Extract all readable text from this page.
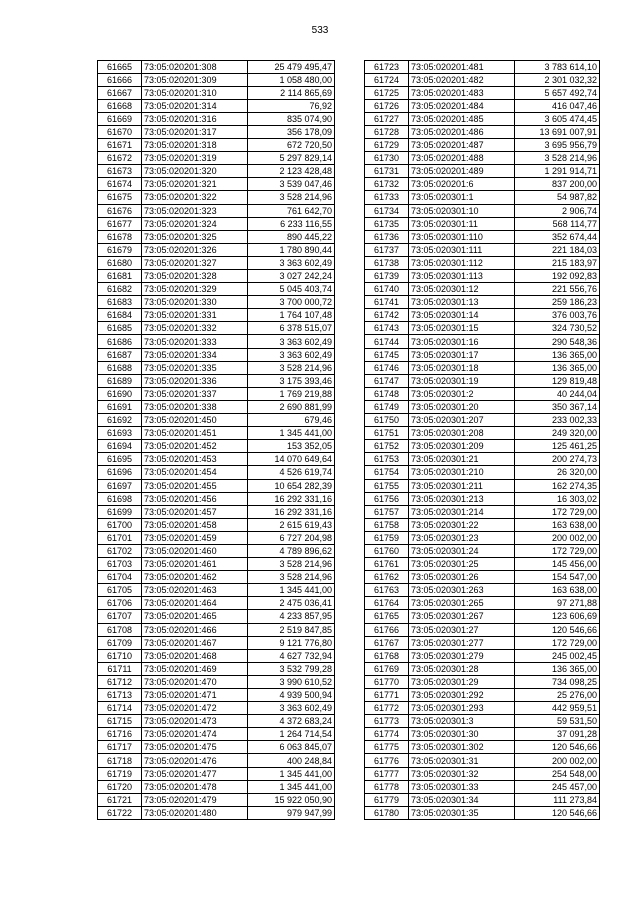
533
61665	73:05:020201:308	25 479 495,47
61666	73:05:020201:309	1 058 480,00
61667	73:05:020201:310	2 114 865,69
61668	73:05:020201:314	76,92
61669	73:05:020201:316	835 074,90
61670	73:05:020201:317	356 178,09
61671	73:05:020201:318	672 720,50
61672	73:05:020201:319	5 297 829,14
61673	73:05:020201:320	2 123 428,48
61674	73:05:020201:321	3 539 047,46
61675	73:05:020201:322	3 528 214,96
61676	73:05:020201:323	761 642,70
61677	73:05:020201:324	6 233 116,55
61678	73:05:020201:325	890 445,22
61679	73:05:020201:326	1 780 890,44
61680	73:05:020201:327	3 363 602,49
61681	73:05:020201:328	3 027 242,24
61682	73:05:020201:329	5 045 403,74
61683	73:05:020201:330	3 700 000,72
61684	73:05:020201:331	1 764 107,48
61685	73:05:020201:332	6 378 515,07
61686	73:05:020201:333	3 363 602,49
61687	73:05:020201:334	3 363 602,49
61688	73:05:020201:335	3 528 214,96
61689	73:05:020201:336	3 175 393,46
61690	73:05:020201:337	1 769 219,88
61691	73:05:020201:338	2 690 881,99
61692	73:05:020201:450	679,46
61693	73:05:020201:451	1 345 441,00
61694	73:05:020201:452	153 352,05
61695	73:05:020201:453	14 070 649,64
61696	73:05:020201:454	4 526 619,74
61697	73:05:020201:455	10 654 282,39
61698	73:05:020201:456	16 292 331,16
61699	73:05:020201:457	16 292 331,16
61700	73:05:020201:458	2 615 619,43
61701	73:05:020201:459	6 727 204,98
61702	73:05:020201:460	4 789 896,62
61703	73:05:020201:461	3 528 214,96
61704	73:05:020201:462	3 528 214,96
61705	73:05:020201:463	1 345 441,00
61706	73:05:020201:464	2 475 036,41
61707	73:05:020201:465	4 233 857,95
61708	73:05:020201:466	2 519 847,85
61709	73:05:020201:467	9 121 776,80
61710	73:05:020201:468	4 627 732,94
61711	73:05:020201:469	3 532 799,28
61712	73:05:020201:470	3 990 610,52
61713	73:05:020201:471	4 939 500,94
61714	73:05:020201:472	3 363 602,49
61715	73:05:020201:473	4 372 683,24
61716	73:05:020201:474	1 264 714,54
61717	73:05:020201:475	6 063 845,07
61718	73:05:020201:476	400 248,84
61719	73:05:020201:477	1 345 441,00
61720	73:05:020201:478	1 345 441,00
61721	73:05:020201:479	15 922 050,90
61722	73:05:020201:480	979 947,99
61723	73:05:020201:481	3 783 614,10
61724	73:05:020201:482	2 301 032,32
61725	73:05:020201:483	5 657 492,74
61726	73:05:020201:484	416 047,46
61727	73:05:020201:485	3 605 474,45
61728	73:05:020201:486	13 691 007,91
61729	73:05:020201:487	3 695 956,79
61730	73:05:020201:488	3 528 214,96
61731	73:05:020201:489	1 291 914,71
61732	73:05:020201:6	837 200,00
61733	73:05:020301:1	54 987,82
61734	73:05:020301:10	2 906,74
61735	73:05:020301:11	568 114,77
61736	73:05:020301:110	352 674,44
61737	73:05:020301:111	221 184,03
61738	73:05:020301:112	215 183,97
61739	73:05:020301:113	192 092,83
61740	73:05:020301:12	221 556,76
61741	73:05:020301:13	259 186,23
61742	73:05:020301:14	376 003,76
61743	73:05:020301:15	324 730,52
61744	73:05:020301:16	290 548,36
61745	73:05:020301:17	136 365,00
61746	73:05:020301:18	136 365,00
61747	73:05:020301:19	129 819,48
61748	73:05:020301:2	40 244,04
61749	73:05:020301:20	350 367,14
61750	73:05:020301:207	233 002,33
61751	73:05:020301:208	249 320,00
61752	73:05:020301:209	125 461,25
61753	73:05:020301:21	200 274,73
61754	73:05:020301:210	26 320,00
61755	73:05:020301:211	162 274,35
61756	73:05:020301:213	16 303,02
61757	73:05:020301:214	172 729,00
61758	73:05:020301:22	163 638,00
61759	73:05:020301:23	200 002,00
61760	73:05:020301:24	172 729,00
61761	73:05:020301:25	145 456,00
61762	73:05:020301:26	154 547,00
61763	73:05:020301:263	163 638,00
61764	73:05:020301:265	97 271,88
61765	73:05:020301:267	123 606,69
61766	73:05:020301:27	120 546,66
61767	73:05:020301:277	172 729,00
61768	73:05:020301:279	245 002,45
61769	73:05:020301:28	136 365,00
61770	73:05:020301:29	734 098,25
61771	73:05:020301:292	25 276,00
61772	73:05:020301:293	442 959,51
61773	73:05:020301:3	59 531,50
61774	73:05:020301:30	37 091,28
61775	73:05:020301:302	120 546,66
61776	73:05:020301:31	200 002,00
61777	73:05:020301:32	254 548,00
61778	73:05:020301:33	245 457,00
61779	73:05:020301:34	111 273,84
61780	73:05:020301:35	120 546,66
